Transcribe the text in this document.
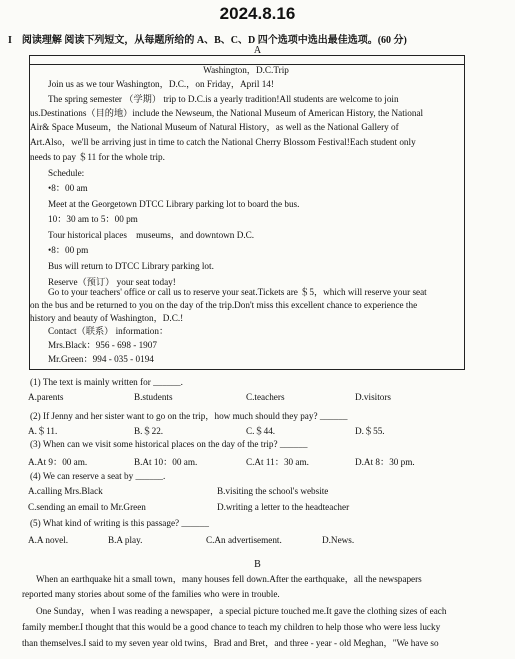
2024.8.16
I　阅读理解 阅读下列短文，从每题所给的 A、B、C、D 四个选项中选出最佳选项。(60 分)
A
Washington，D.C.Trip
Join us as we tour Washington，D.C.，on Friday，April 14!
The spring semester （学期） trip to D.C.is a yearly tradition!All students are welcome to join
us.Destinations（目的地）include the Newseum, the National Museum of American History, the National
Air& Space Museum，the National Museum of Natural History，as well as the National Gallery of
Art.Also，we'll be arriving just in time to catch the National Cherry Blossom Festival!Each student only
needs to pay ＄11 for the whole trip.
Schedule:
•8：00 am
Meet at the Georgetown DTCC Library parking lot to board the bus.
10：30 am to 5：00 pm
Tour historical places　museums，and downtown D.C.
•8：00 pm
Bus will return to DTCC Library parking lot.
Reserve（预订） your seat today!
Go to your teachers' office or call us to reserve your seat.Tickets are ＄5，which will reserve your seat
on the bus and be returned to you on the day of the trip.Don't miss this excellent chance to experience the
history and beauty of Washington，D.C.!
Contact（联系） information：
Mrs.Black：956 - 698 - 1907
(1) The text is mainly written for ______.
A.parents	B.students	C.teachers	D.visitors
(2) If Jenny and her sister want to go on the trip，how much should they pay? ______
A.＄11.	B.＄22.	C.＄44.	D.＄55.
(3) When can we visit some historical places on the day of the trip? ______
A.At 9：00 am.	B.At 10：00 am.	C.At 11：30 am.	D.At 8：30 pm.
(4) We can reserve a seat by ______.
A.calling Mrs.Black	B.visiting the school's website
C.sending an email to Mr.Green	D.writing a letter to the headteacher
(5) What kind of writing is this passage? ______
A.A novel.	B.A play.	C.An advertisement.	D.News.
B
When an earthquake hit a small town，many houses fell down.After the earthquake，all the newspapers
reported many stories about some of the families who were in trouble.
One Sunday，when I was reading a newspaper，a special picture touched me.It gave the clothing sizes of each
family member.I thought that this would be a good chance to teach my children to help those who were less lucky
than themselves.I said to my seven year old twins，Brad and Bret，and three - year - old Meghan，"We have so
Mr.Green：994 - 035 - 0194
